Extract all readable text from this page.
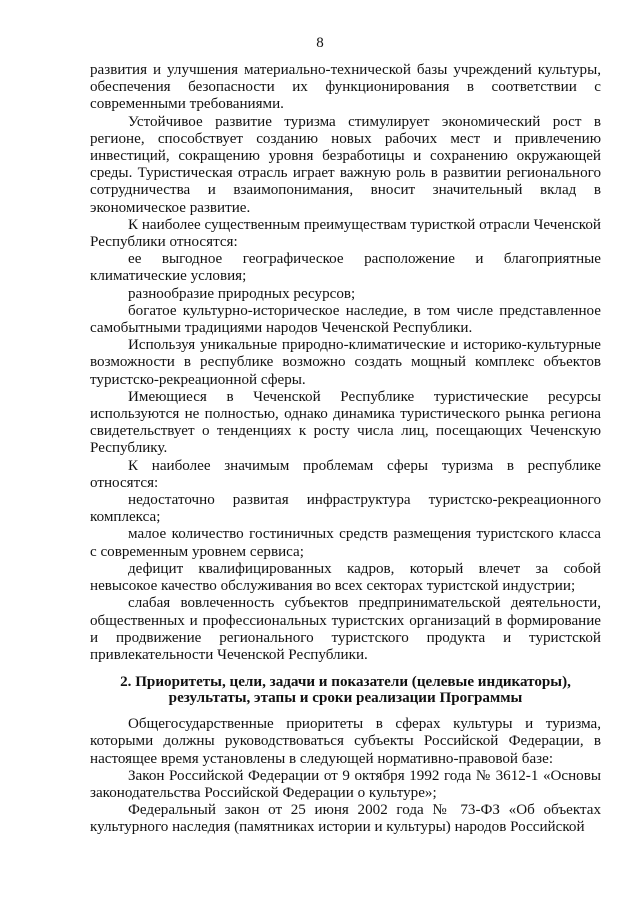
8

развития и улучшения материально-технической базы учреждений культуры, обеспечения безопасности их функционирования в соответствии с современными требованиями.

Устойчивое развитие туризма стимулирует экономический рост в регионе, способствует созданию новых рабочих мест и привлечению инвестиций, сокращению уровня безработицы и сохранению окружающей среды. Туристическая отрасль играет важную роль в развитии регионального сотрудничества и взаимопонимания, вносит значительный вклад в экономическое развитие.

К наиболее существенным преимуществам туристкой отрасли Чеченской Республики относятся:

ее выгодное географическое расположение и благоприятные климатические условия;

разнообразие природных ресурсов;

богатое культурно-историческое наследие, в том числе представленное самобытными традициями народов Чеченской Республики.

Используя уникальные природно-климатические и историко-культурные возможности в республике возможно создать мощный комплекс объектов туристско-рекреационной сферы.

Имеющиеся в Чеченской Республике туристические ресурсы используются не полностью, однако динамика туристического рынка региона свидетельствует о тенденциях к росту числа лиц, посещающих Чеченскую Республику.

К наиболее значимым проблемам сферы туризма в республике относятся:

недостаточно развитая инфраструктура туристско-рекреационного комплекса;

малое количество гостиничных средств размещения туристского класса с современным уровнем сервиса;

дефицит квалифицированных кадров, который влечет за собой невысокое качество обслуживания во всех секторах туристской индустрии;

слабая вовлеченность субъектов предпринимательской деятельности, общественных и профессиональных туристских организаций в формирование и продвижение регионального туристского продукта и туристской привлекательности Чеченской Республики.

2. Приоритеты, цели, задачи и показатели (целевые индикаторы),
результаты, этапы и сроки реализации Программы

Общегосударственные приоритеты в сферах культуры и туризма, которыми должны руководствоваться субъекты Российской Федерации, в настоящее время установлены в следующей нормативно-правовой базе:

Закон Российской Федерации от 9 октября 1992 года № 3612-1 «Основы законодательства Российской Федерации о культуре»;

Федеральный закон от 25 июня 2002 года № 73-ФЗ «Об объектах культурного наследия (памятниках истории и культуры) народов Российской
